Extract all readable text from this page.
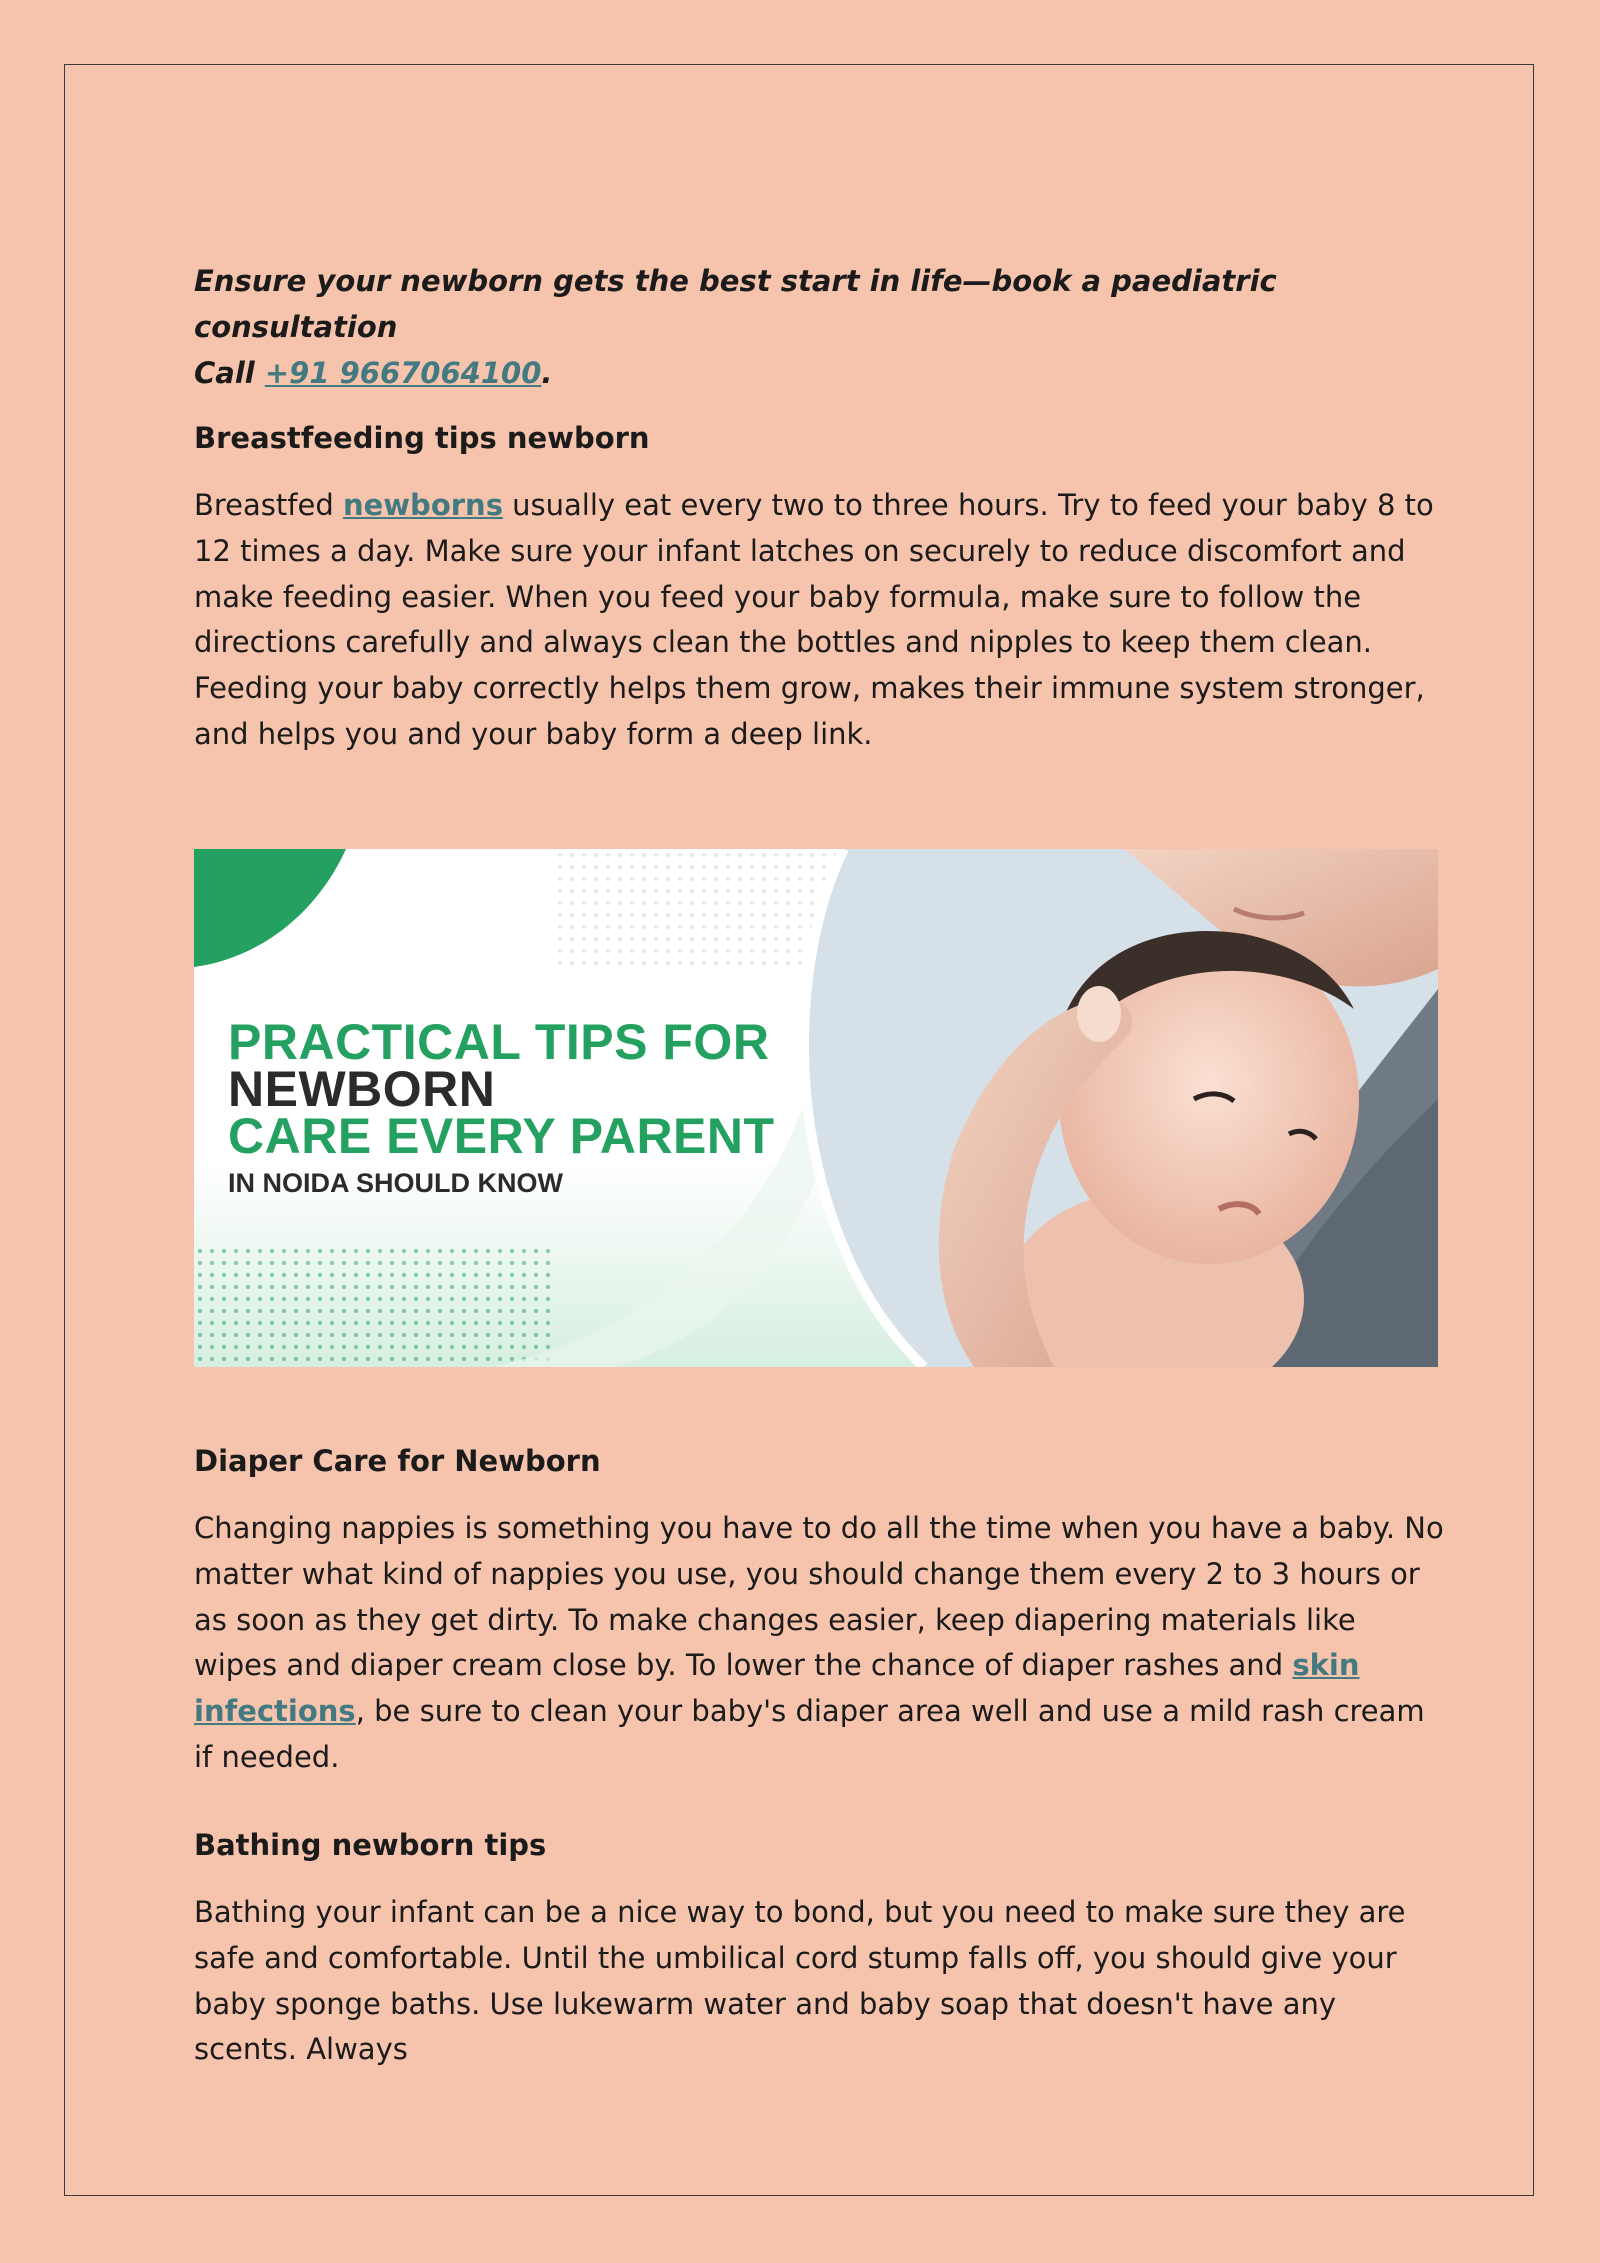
Ensure your newborn gets the best start in life—book a paediatric consultation
Call +91 9667064100.
Breastfeeding tips newborn

Breastfed newborns usually eat every two to three hours. Try to feed your baby 8 to 12 times a day. Make sure your infant latches on securely to reduce discomfort and make feeding easier. When you feed your baby formula, make sure to follow the directions carefully and always clean the bottles and nipples to keep them clean. Feeding your baby correctly helps them grow, makes their immune system stronger, and helps you and your baby form a deep link.

PRACTICAL TIPS FOR
NEWBORN
CARE EVERY PARENT
IN NOIDA SHOULD KNOW
Diaper Care for Newborn

Changing nappies is something you have to do all the time when you have a baby. No matter what kind of nappies you use, you should change them every 2 to 3 hours or as soon as they get dirty. To make changes easier, keep diapering materials like wipes and diaper cream close by. To lower the chance of diaper rashes and skin infections, be sure to clean your baby's diaper area well and use a mild rash cream if needed.

Bathing newborn tips

Bathing your infant can be a nice way to bond, but you need to make sure they are safe and comfortable. Until the umbilical cord stump falls off, you should give your baby sponge baths. Use lukewarm water and baby soap that doesn't have any scents. Always
